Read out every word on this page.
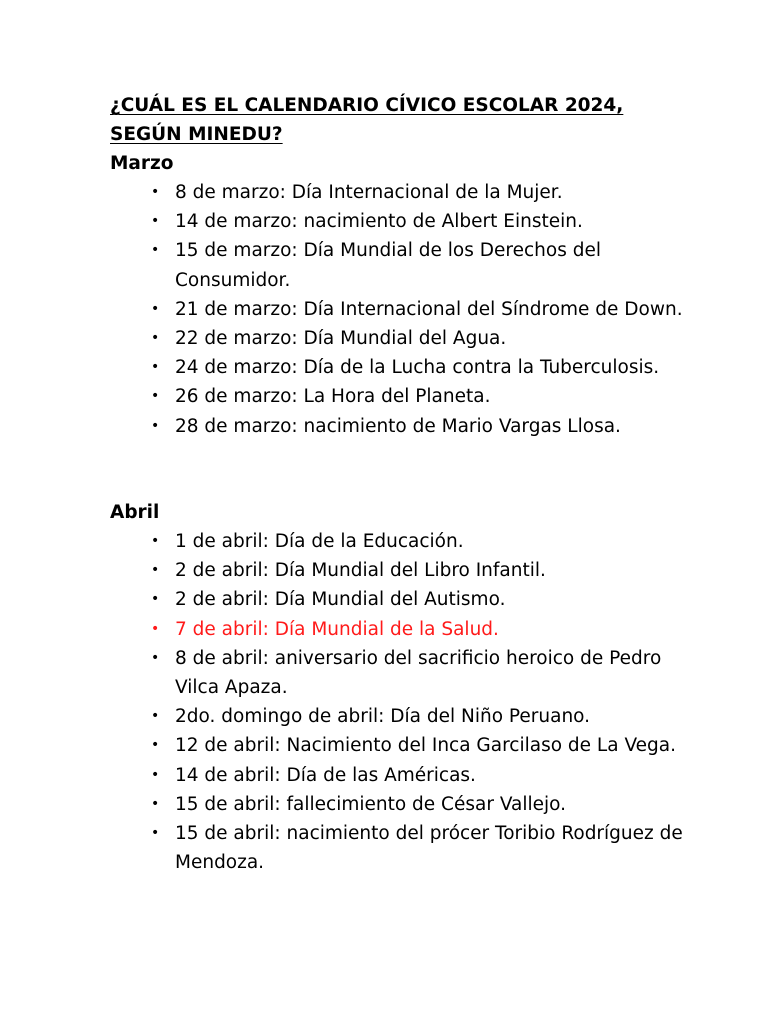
¿CUÁL ES EL CALENDARIO CÍVICO ESCOLAR 2024, SEGÚN MINEDU?
Marzo
• 8 de marzo: Día Internacional de la Mujer.
• 14 de marzo: nacimiento de Albert Einstein.
• 15 de marzo: Día Mundial de los Derechos del Consumidor.
• 21 de marzo: Día Internacional del Síndrome de Down.
• 22 de marzo: Día Mundial del Agua.
• 24 de marzo: Día de la Lucha contra la Tuberculosis.
• 26 de marzo: La Hora del Planeta.
• 28 de marzo: nacimiento de Mario Vargas Llosa.
Abril
• 1 de abril: Día de la Educación.
• 2 de abril: Día Mundial del Libro Infantil.
• 2 de abril: Día Mundial del Autismo.
• 7 de abril: Día Mundial de la Salud.
• 8 de abril: aniversario del sacrificio heroico de Pedro Vilca Apaza.
• 2do. domingo de abril: Día del Niño Peruano.
• 12 de abril: Nacimiento del Inca Garcilaso de La Vega.
• 14 de abril: Día de las Américas.
• 15 de abril: fallecimiento de César Vallejo.
• 15 de abril: nacimiento del prócer Toribio Rodríguez de Mendoza.
